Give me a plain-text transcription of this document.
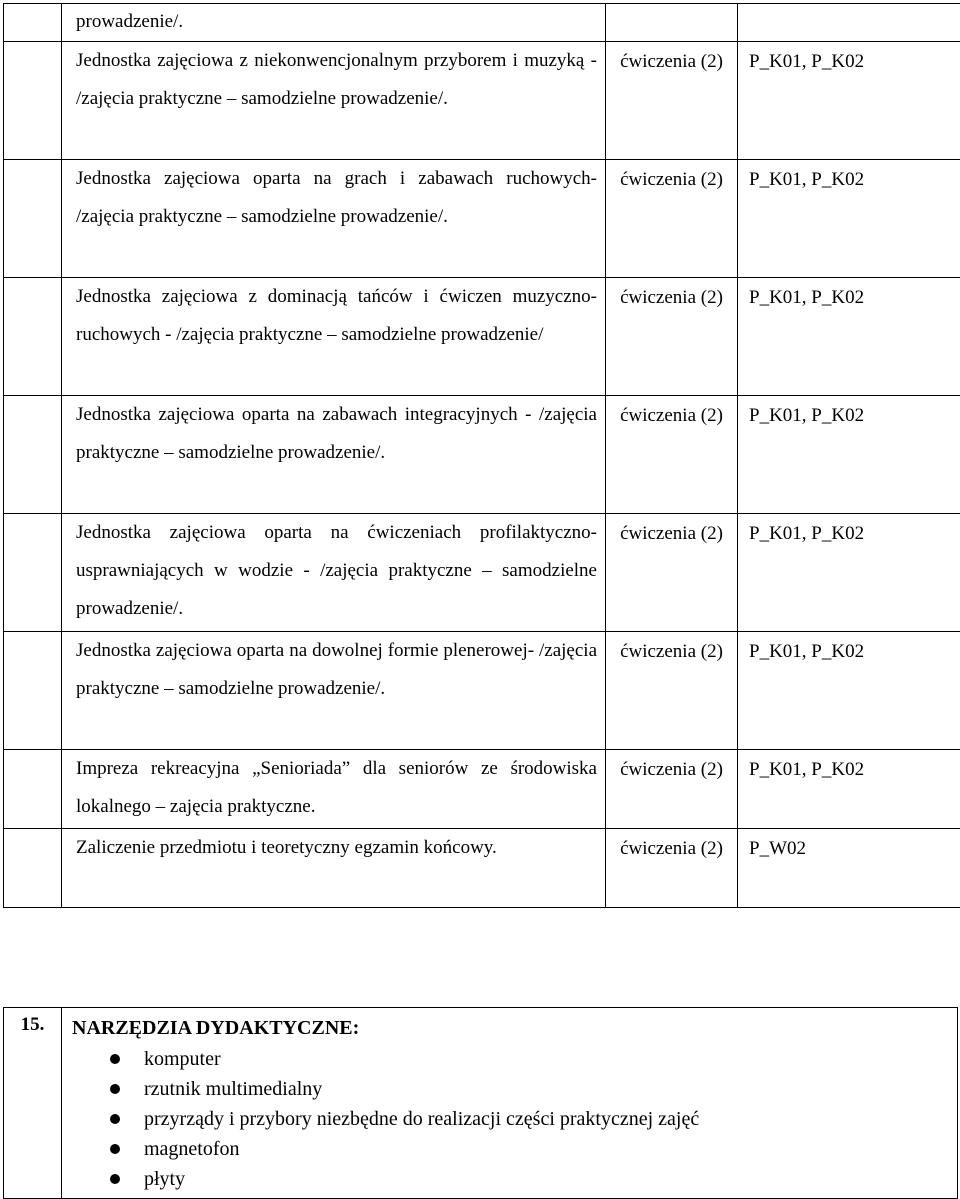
	prowadzenie/.		

	Jednostka zajęciowa z niekonwencjonalnym przyborem i muzyką - /zajęcia praktyczne – samodzielne prowadzenie/.	ćwiczenia (2)	P_K01, P_K02

	Jednostka zajęciowa oparta na grach i zabawach ruchowych- /zajęcia praktyczne – samodzielne prowadzenie/.	ćwiczenia (2)	P_K01, P_K02

	Jednostka zajęciowa z dominacją tańców i ćwiczen muzyczno-ruchowych - /zajęcia praktyczne – samodzielne prowadzenie/	ćwiczenia (2)	P_K01, P_K02

	Jednostka zajęciowa oparta na zabawach integracyjnych - /zajęcia praktyczne – samodzielne prowadzenie/.	ćwiczenia (2)	P_K01, P_K02

	Jednostka zajęciowa oparta na ćwiczeniach profilaktyczno-usprawniających w wodzie - /zajęcia praktyczne – samodzielne prowadzenie/.	ćwiczenia (2)	P_K01, P_K02

	Jednostka zajęciowa oparta na dowolnej formie plenerowej- /zajęcia praktyczne – samodzielne prowadzenie/.	ćwiczenia (2)	P_K01, P_K02

	Impreza rekreacyjna „Senioriada” dla seniorów ze środowiska lokalnego – zajęcia praktyczne.	ćwiczenia (2)	P_K01, P_K02

	Zaliczenie przedmiotu i teoretyczny egzamin końcowy.	ćwiczenia (2)	P_W02
15.	NARZĘDZIA DYDAKTYCZNE:
komputer
rzutnik multimedialny
przyrządy i przybory niezbędne do realizacji części praktycznej zajęć
magnetofon
płyty
